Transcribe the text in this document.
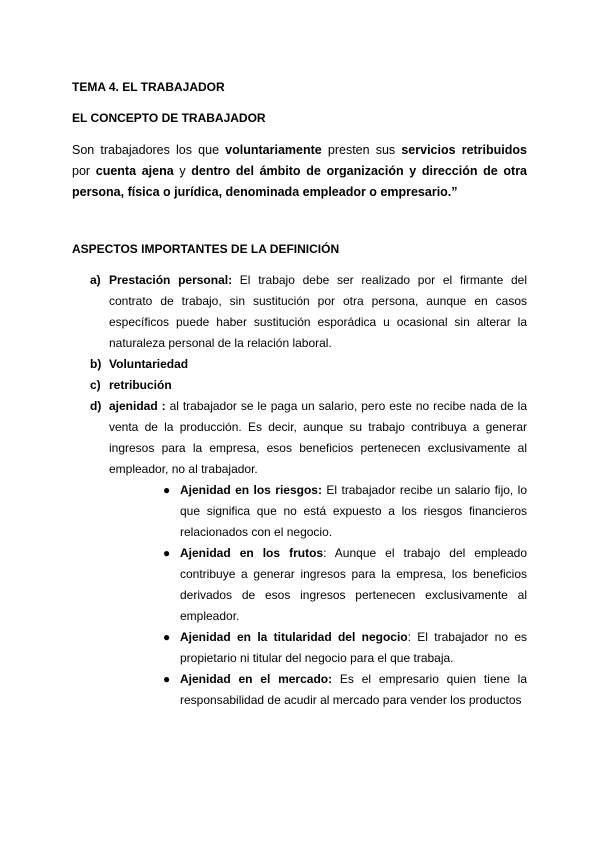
TEMA 4. EL TRABAJADOR
EL CONCEPTO DE TRABAJADOR

Son trabajadores los que voluntariamente presten sus servicios retribuidos por cuenta ajena y dentro del ámbito de organización y dirección de otra persona, física o jurídica, denominada empleador o empresario.”

ASPECTOS IMPORTANTES DE LA DEFINICIÓN
a) Prestación personal: El trabajo debe ser realizado por el firmante del contrato de trabajo, sin sustitución por otra persona, aunque en casos específicos puede haber sustitución esporádica u ocasional sin alterar la naturaleza personal de la relación laboral.
b) Voluntariedad
c) retribución
d) ajenidad : al trabajador se le paga un salario, pero este no recibe nada de la venta de la producción. Es decir, aunque su trabajo contribuya a generar ingresos para la empresa, esos beneficios pertenecen exclusivamente al empleador, no al trabajador.
● Ajenidad en los riesgos: El trabajador recibe un salario fijo, lo que significa que no está expuesto a los riesgos financieros relacionados con el negocio.
● Ajenidad en los frutos: Aunque el trabajo del empleado contribuye a generar ingresos para la empresa, los beneficios derivados de esos ingresos pertenecen exclusivamente al empleador.
● Ajenidad en la titularidad del negocio: El trabajador no es propietario ni titular del negocio para el que trabaja.
● Ajenidad en el mercado: Es el empresario quien tiene la responsabilidad de acudir al mercado para vender los productos
